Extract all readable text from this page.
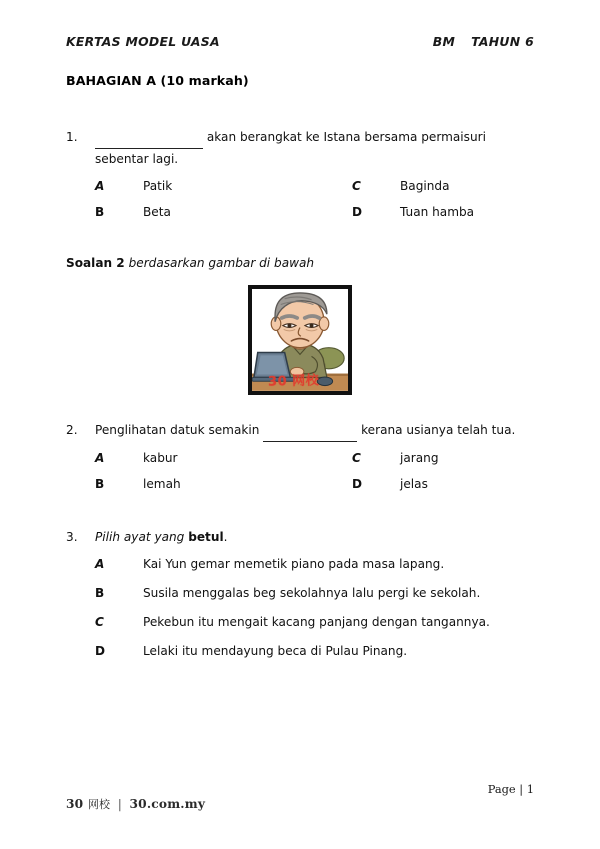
KERTAS MODEL UASA	BM TAHUN 6
BAHAGIAN A (10 markah)
1.	akan berangkat ke Istana bersama permaisuri sebentar lagi.
A	Patik	C	Baginda
B	Beta	D	Tuan hamba
Soalan 2 berdasarkan gambar di bawah
30 网校
2.	Penglihatan datuk semakin	kerana usianya telah tua.
A	kabur	C	jarang
B	lemah	D	jelas
3.	Pilih ayat yang betul.
A	Kai Yun gemar memetik piano pada masa lapang.
B	Susila menggalas beg sekolahnya lalu pergi ke sekolah.
C	Pekebun itu mengait kacang panjang dengan tangannya.
D	Lelaki itu mendayung beca di Pulau Pinang.
Page | 1
30 网校 | 30.com.my
